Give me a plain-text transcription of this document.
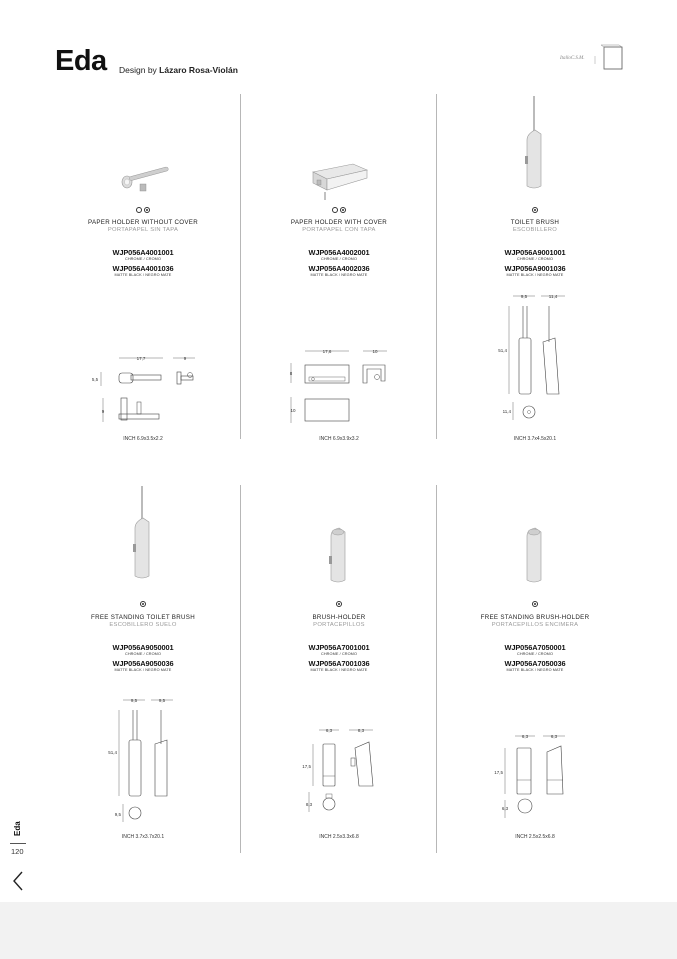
Eda Design by Lázaro Rosa-Violán
ItalloC.S.M.
PAPER HOLDER WITHOUT COVER
PORTAPAPEL SIN TAPA
WJP056A4001001
CHROME / CROMO
WJP056A4001036
MATTE BLACK / NEGRO MATE
17,7	9
5,5
9
INCH 6.9x3.5x2.2
PAPER HOLDER WITH COVER
PORTAPAPEL CON TAPA
WJP056A4002001
CHROME / CROMO
WJP056A4002036
MATTE BLACK / NEGRO MATE
17,6	10
8
10
INCH 6.9x3.9x3.2
TOILET BRUSH
ESCOBILLERO
WJP056A9001001
CHROME / CROMO
WJP056A9001036
MATTE BLACK / NEGRO MATE
9,5	11,4
51,4
11,4
INCH 3.7x4.5x20.1
FREE STANDING TOILET BRUSH
ESCOBILLERO SUELO
WJP056A9050001
CHROME / CROMO
WJP056A9050036
MATTE BLACK / NEGRO MATE
9,5	9,5
51,4
9,5
INCH 3.7x3.7x20.1
BRUSH-HOLDER
PORTACEPILLOS
WJP056A7001001
CHROME / CROMO
WJP056A7001036
MATTE BLACK / NEGRO MATE
6,3	8,3
17,5
8,3
INCH 2.5x3.3x6.8
FREE STANDING BRUSH-HOLDER
PORTACEPILLOS ENCIMERA
WJP056A7050001
CHROME / CROMO
WJP056A7050036
MATTE BLACK / NEGRO MATE
6,3	6,3
17,5
6,3
INCH 2.5x2.5x6.8
Eda
120
